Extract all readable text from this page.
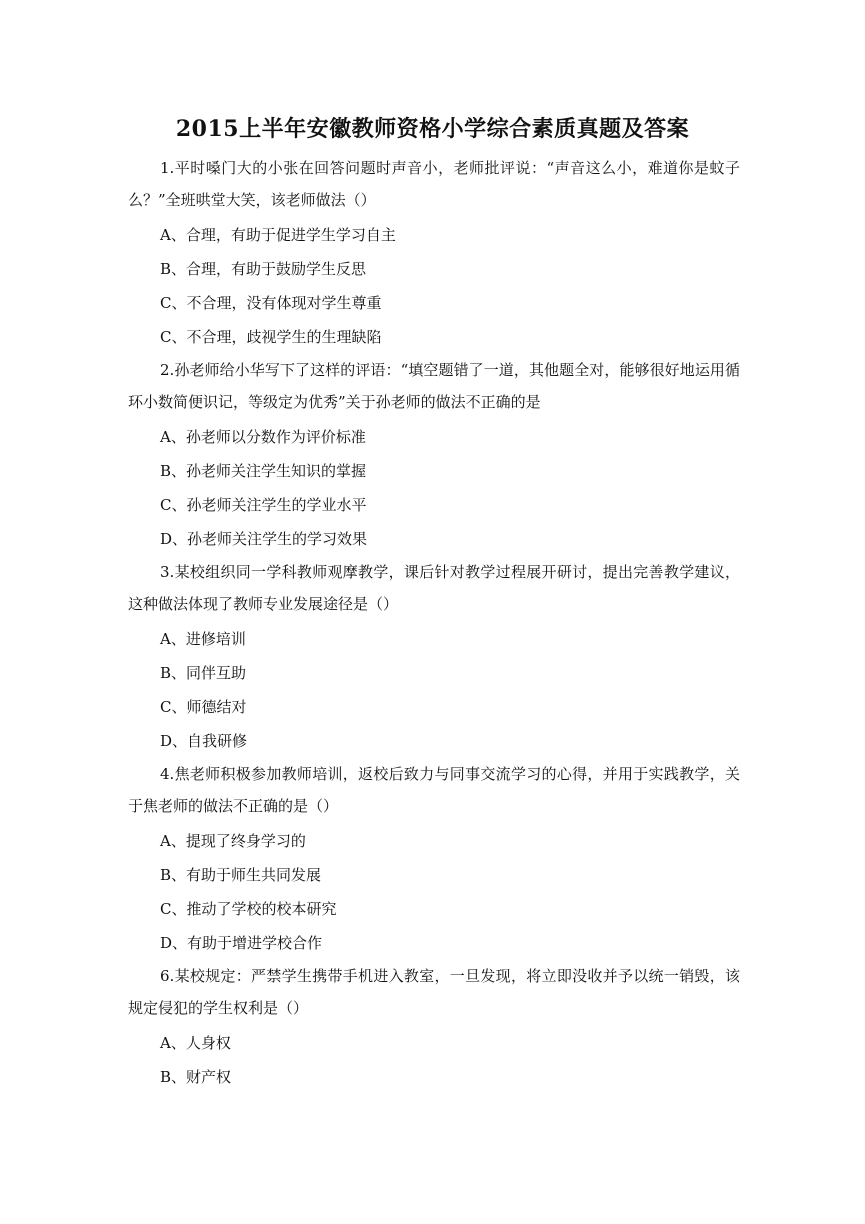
2015上半年安徽教师资格小学综合素质真题及答案

1.平时嗓门大的小张在回答问题时声音小，老师批评说：“声音这么小，难道你是蚊子么？”全班哄堂大笑，该老师做法（）

A、合理，有助于促进学生学习自主
B、合理，有助于鼓励学生反思
C、不合理，没有体现对学生尊重
C、不合理，歧视学生的生理缺陷

2.孙老师给小华写下了这样的评语：“填空题错了一道，其他题全对，能够很好地运用循环小数简便识记，等级定为优秀”关于孙老师的做法不正确的是

A、孙老师以分数作为评价标准
B、孙老师关注学生知识的掌握
C、孙老师关注学生的学业水平
D、孙老师关注学生的学习效果

3.某校组织同一学科教师观摩教学，课后针对教学过程展开研讨，提出完善教学建议，这种做法体现了教师专业发展途径是（）

A、进修培训
B、同伴互助
C、师德结对
D、自我研修

4.焦老师积极参加教师培训，返校后致力与同事交流学习的心得，并用于实践教学，关于焦老师的做法不正确的是（）

A、提现了终身学习的
B、有助于师生共同发展
C、推动了学校的校本研究
D、有助于增进学校合作

6.某校规定：严禁学生携带手机进入教室，一旦发现，将立即没收并予以统一销毁，该规定侵犯的学生权利是（）

A、人身权
B、财产权
